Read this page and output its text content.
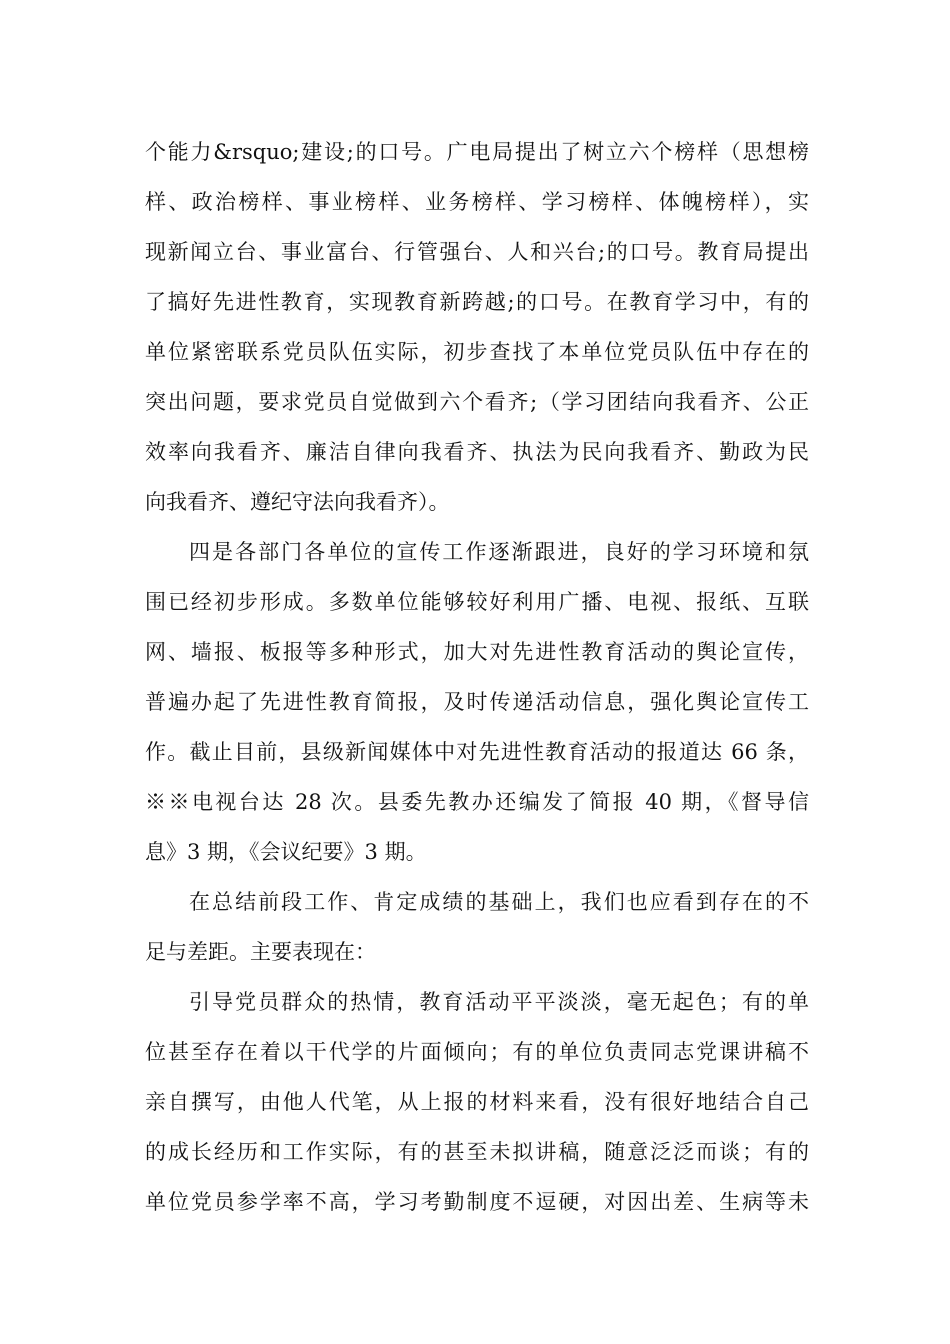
个能力&rsquo;建设;的口号。广电局提出了树立六个榜样（思想榜
样、政治榜样、事业榜样、业务榜样、学习榜样、体魄榜样），实
现新闻立台、事业富台、行管强台、人和兴台;的口号。教育局提出
了搞好先进性教育，实现教育新跨越;的口号。在教育学习中，有的
单位紧密联系党员队伍实际，初步查找了本单位党员队伍中存在的
突出问题，要求党员自觉做到六个看齐;（学习团结向我看齐、公正
效率向我看齐、廉洁自律向我看齐、执法为民向我看齐、勤政为民
向我看齐、遵纪守法向我看齐）。
四是各部门各单位的宣传工作逐渐跟进，良好的学习环境和氛
围已经初步形成。多数单位能够较好利用广播、电视、报纸、互联
网、墙报、板报等多种形式，加大对先进性教育活动的舆论宣传，
普遍办起了先进性教育简报，及时传递活动信息，强化舆论宣传工
作。截止目前，县级新闻媒体中对先进性教育活动的报道达 66 条，
※※电视台达 28 次。县委先教办还编发了简报 40 期，《督导信
息》3 期，《会议纪要》3 期。
在总结前段工作、肯定成绩的基础上，我们也应看到存在的不
足与差距。主要表现在：
引导党员群众的热情，教育活动平平淡淡，毫无起色；有的单
位甚至存在着以干代学的片面倾向；有的单位负责同志党课讲稿不
亲自撰写，由他人代笔，从上报的材料来看，没有很好地结合自己
的成长经历和工作实际，有的甚至未拟讲稿，随意泛泛而谈；有的
单位党员参学率不高，学习考勤制度不逗硬，对因出差、生病等未
